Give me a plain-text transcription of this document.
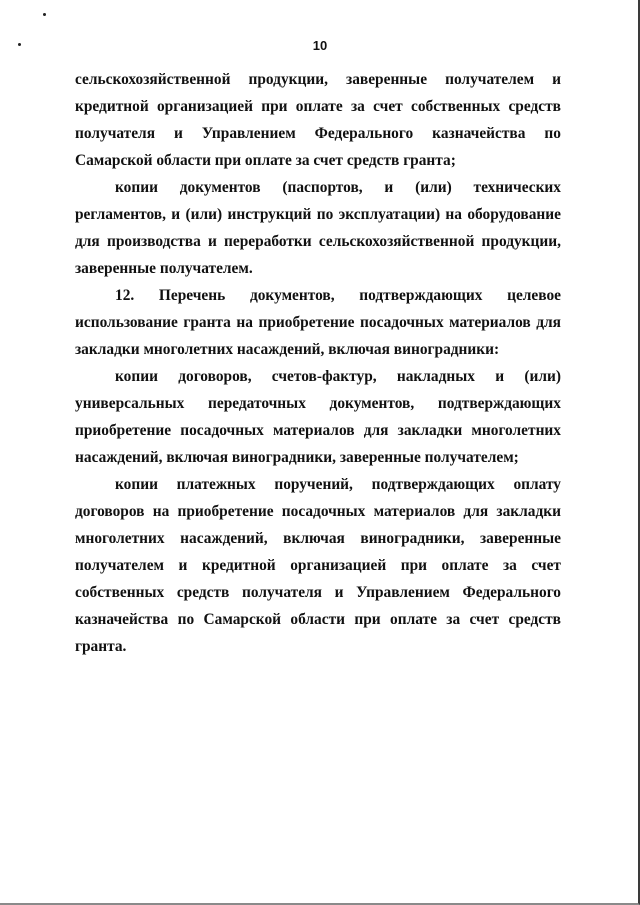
10

сельскохозяйственной продукции, заверенные получателем и кредитной организацией при оплате за счет собственных средств получателя и Управлением Федерального казначейства по Самарской области при оплате за счет средств гранта;

копии документов (паспортов, и (или) технических регламентов, и (или) инструкций по эксплуатации) на оборудование для производства и переработки сельскохозяйственной продукции, заверенные получателем.

12. Перечень документов, подтверждающих целевое использование гранта на приобретение посадочных материалов для закладки многолетних насаждений, включая виноградники:

копии договоров, счетов-фактур, накладных и (или) универсальных передаточных документов, подтверждающих приобретение посадочных материалов для закладки многолетних насаждений, включая виноградники, заверенные получателем;

копии платежных поручений, подтверждающих оплату договоров на приобретение посадочных материалов для закладки многолетних насаждений, включая виноградники, заверенные получателем и кредитной организацией при оплате за счет собственных средств получателя и Управлением Федерального казначейства по Самарской области при оплате за счет средств гранта.
